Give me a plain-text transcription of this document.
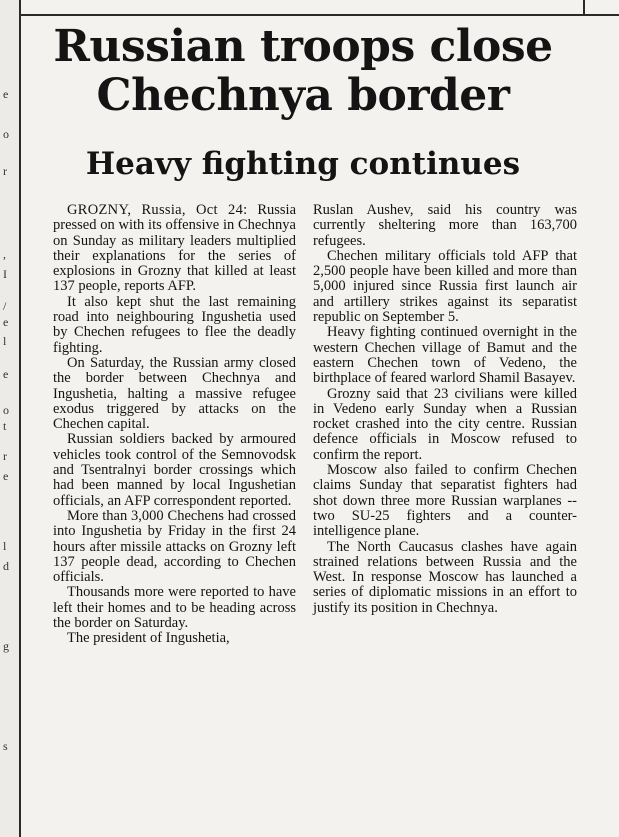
e
o
r
,
I
/
e
l
e
o
t
r
e
l
d
g
s
Russian troops close
Chechnya border
Heavy fighting continues

GROZNY, Russia, Oct 24: Russia pressed on with its offensive in Chechnya on Sunday as military leaders multiplied their explanations for the series of explosions in Grozny that killed at least 137 people, reports AFP.

It also kept shut the last remaining road into neighbouring Ingushetia used by Chechen refugees to flee the deadly fighting.

On Saturday, the Russian army closed the border between Chechnya and Ingushetia, halting a massive refugee exodus triggered by attacks on the Chechen capital.

Russian soldiers backed by armoured vehicles took control of the Semnovodsk and Tsentralnyi border crossings which had been manned by local Ingushetian officials, an AFP correspondent reported.

More than 3,000 Chechens had crossed into Ingushetia by Friday in the first 24 hours after missile attacks on Grozny left 137 people dead, according to Chechen officials.

Thousands more were reported to have left their homes and to be heading across the border on Saturday.

The president of Ingushetia,

Ruslan Aushev, said his country was currently sheltering more than 163,700 refugees.

Chechen military officials told AFP that 2,500 people have been killed and more than 5,000 injured since Russia first launch air and artillery strikes against its separatist republic on September 5.

Heavy fighting continued overnight in the western Chechen village of Bamut and the eastern Chechen town of Vedeno, the birthplace of feared warlord Shamil Basayev.

Grozny said that 23 civilians were killed in Vedeno early Sunday when a Russian rocket crashed into the city centre. Russian defence officials in Moscow refused to confirm the report.

Moscow also failed to confirm Chechen claims Sunday that separatist fighters had shot down three more Russian warplanes -- two SU-25 fighters and a counter-intelligence plane.

The North Caucasus clashes have again strained relations between Russia and the West. In response Moscow has launched a series of diplomatic missions in an effort to justify its position in Chechnya.
